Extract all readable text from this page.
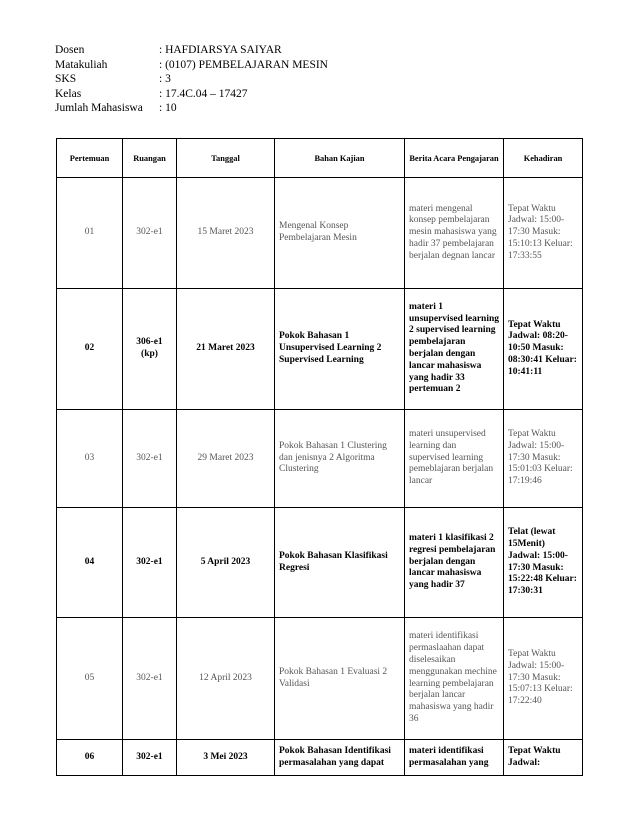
Dosen	: HAFDIARSYA SAIYAR
Matakuliah	: (0107) PEMBELAJARAN MESIN
SKS	: 3
Kelas	: 17.4C.04 – 17427
Jumlah Mahasiswa	: 10
Pertemuan	Ruangan	Tanggal	Bahan Kajian	Berita Acara Pengajaran	Kehadiran
01	302-e1	15 Maret 2023	Mengenal Konsep Pembelajaran Mesin	materi mengenal konsep pembelajaran mesin mahasiswa yang hadir 37 pembelajaran berjalan degnan lancar	Tepat Waktu Jadwal: 15:00-17:30 Masuk: 15:10:13 Keluar: 17:33:55
02	306-e1 (kp)	21 Maret 2023	Pokok Bahasan 1 Unsupervised Learning 2 Supervised Learning	materi 1 unsupervised learning 2 supervised learning pembelajaran berjalan dengan lancar mahasiswa yang hadir 33 pertemuan 2	Tepat Waktu Jadwal: 08:20-10:50 Masuk: 08:30:41 Keluar: 10:41:11
03	302-e1	29 Maret 2023	Pokok Bahasan 1 Clustering dan jenisnya 2 Algoritma Clustering	materi unsupervised learning dan supervised learning pemeblajaran berjalan lancar	Tepat Waktu Jadwal: 15:00-17:30 Masuk: 15:01:03 Keluar: 17:19:46
04	302-e1	5 April 2023	Pokok Bahasan Klasifikasi Regresi	materi 1 klasifikasi 2 regresi pembelajaran berjalan dengan lancar mahasiswa yang hadir 37	Telat (lewat 15Menit) Jadwal: 15:00-17:30 Masuk: 15:22:48 Keluar: 17:30:31
05	302-e1	12 April 2023	Pokok Bahasan 1 Evaluasi 2 Validasi	materi identifikasi permaslaahan dapat diselesaikan menggunakan mechine learning pembelajaran berjalan lancar mahasiswa yang hadir 36	Tepat Waktu Jadwal: 15:00-17:30 Masuk: 15:07:13 Keluar: 17:22:40
06	302-e1	3 Mei 2023	Pokok Bahasan Identifikasi permasalahan yang dapat	materi identifikasi permasalahan yang	Tepat Waktu Jadwal:
